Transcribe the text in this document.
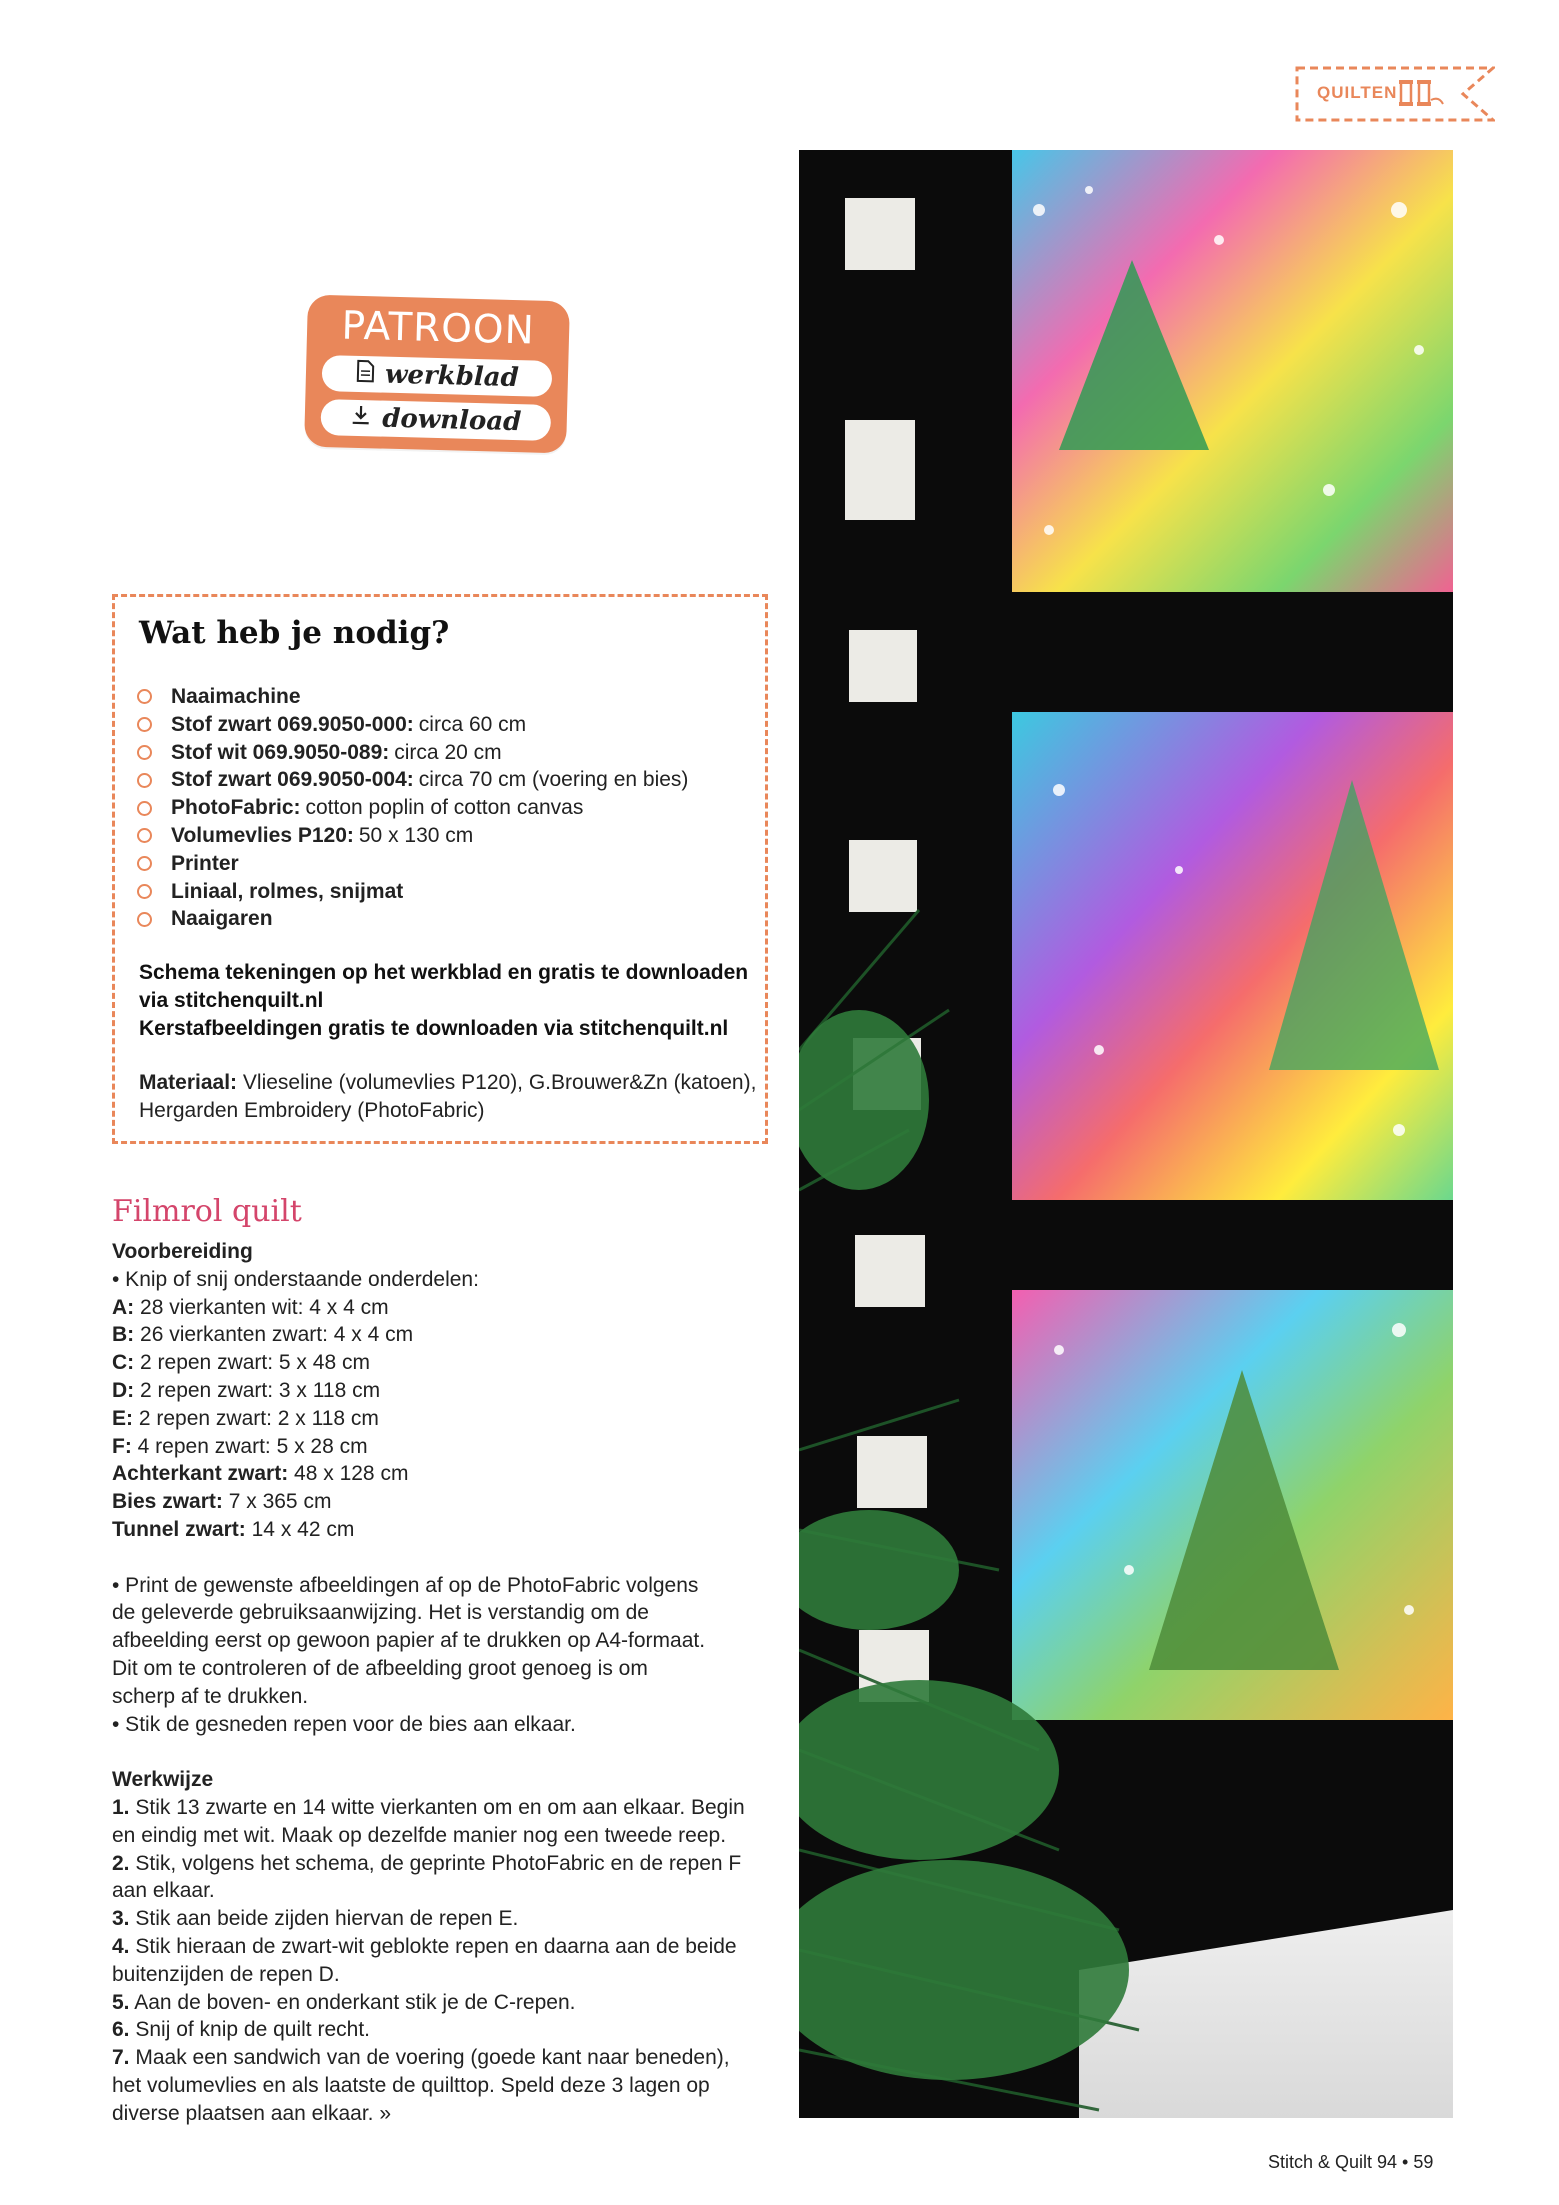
QUILTEN
PATROON
werkblad
download
Wat heb je nodig?
Naaimachine
Stof zwart 069.9050-000: circa 60 cm
Stof wit 069.9050-089: circa 20 cm
Stof zwart 069.9050-004: circa 70 cm (voering en bies)
PhotoFabric: cotton poplin of cotton canvas
Volumevlies P120: 50 x 130 cm
Printer
Liniaal, rolmes, snijmat
Naaigaren
Schema tekeningen op het werkblad en gratis te downloaden
via stitchenquilt.nl
Kerstafbeeldingen gratis te downloaden via stitchenquilt.nl
Materiaal: Vlieseline (volumevlies P120), G.Brouwer&Zn (katoen), Hergarden Embroidery (PhotoFabric)
Filmrol quilt
Voorbereiding
• Knip of snij onderstaande onderdelen:
A: 28 vierkanten wit: 4 x 4 cm
B: 26 vierkanten zwart: 4 x 4 cm
C: 2 repen zwart: 5 x 48 cm
D: 2 repen zwart: 3 x 118 cm
E: 2 repen zwart: 2 x 118 cm
F: 4 repen zwart: 5 x 28 cm
Achterkant zwart: 48 x 128 cm
Bies zwart: 7 x 365 cm
Tunnel zwart: 14 x 42 cm
• Print de gewenste afbeeldingen af op de PhotoFabric volgens
de geleverde gebruiksaanwijzing. Het is verstandig om de
afbeelding eerst op gewoon papier af te drukken op A4-formaat.
Dit om te controleren of de afbeelding groot genoeg is om
scherp af te drukken.
• Stik de gesneden repen voor de bies aan elkaar.
Werkwijze
1. Stik 13 zwarte en 14 witte vierkanten om en om aan elkaar. Begin
en eindig met wit. Maak op dezelfde manier nog een tweede reep.
2. Stik, volgens het schema, de geprinte PhotoFabric en de repen F
aan elkaar.
3. Stik aan beide zijden hiervan de repen E.
4. Stik hieraan de zwart-wit geblokte repen en daarna aan de beide
buitenzijden de repen D.
5. Aan de boven- en onderkant stik je de C-repen.
6. Snij of knip de quilt recht.
7. Maak een sandwich van de voering (goede kant naar beneden),
het volumevlies en als laatste de quilttop. Speld deze 3 lagen op
diverse plaatsen aan elkaar. »
Stitch & Quilt 94 • 59
